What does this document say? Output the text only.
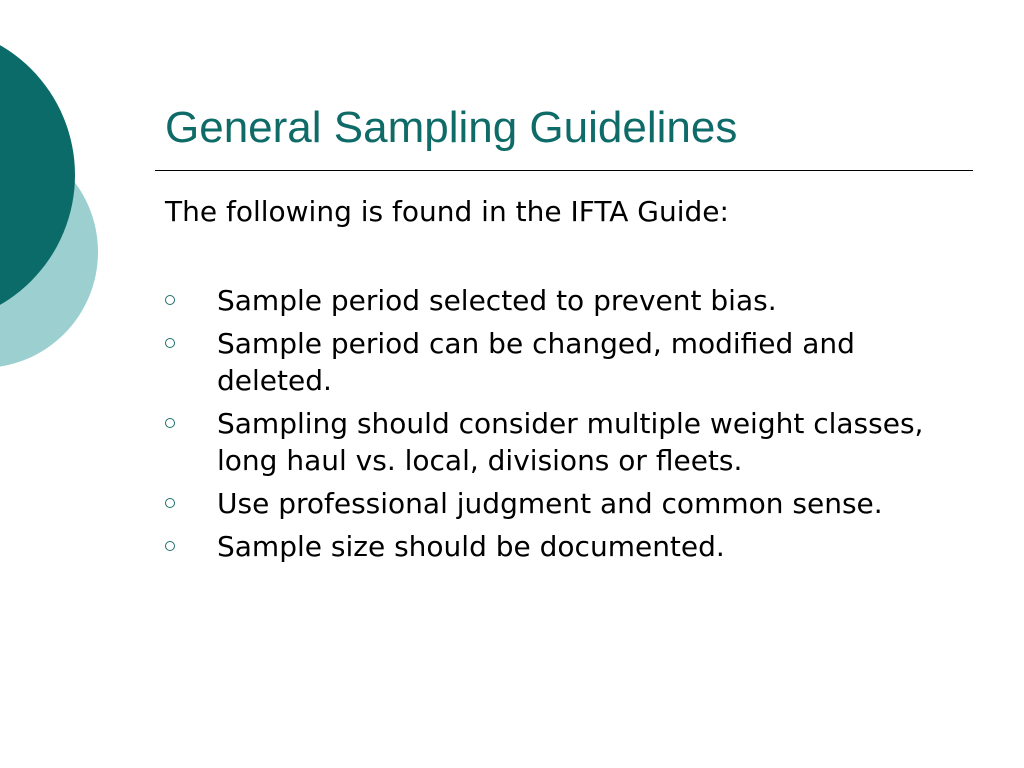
General Sampling Guidelines

The following is found in the IFTA Guide:

Sample period selected to prevent bias.
Sample period can be changed, modified and deleted.
Sampling should consider multiple weight classes, long haul vs. local, divisions or fleets.
Use professional judgment and common sense.
Sample size should be documented.
